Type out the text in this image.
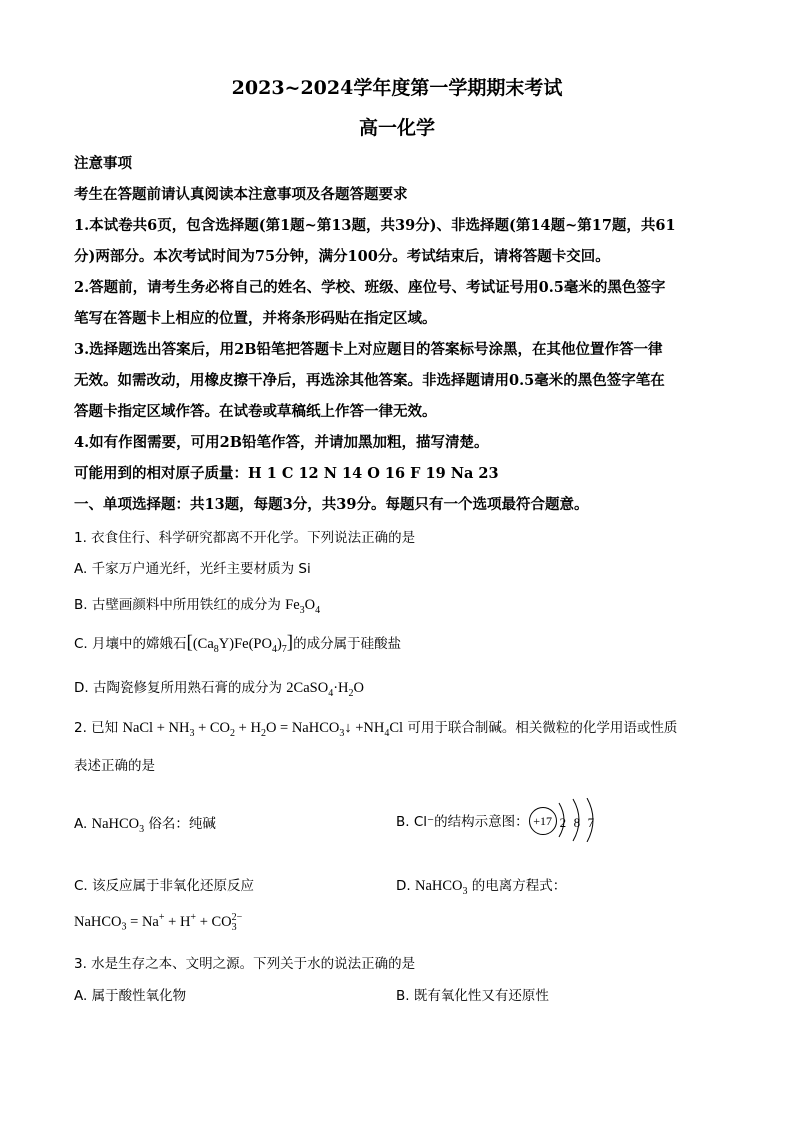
2023~2024学年度第一学期期末考试
高一化学
注意事项
考生在答题前请认真阅读本注意事项及各题答题要求
1.本试卷共6页，包含选择题(第1题~第13题，共39分)、非选择题(第14题~第17题，共61
分)两部分。本次考试时间为75分钟，满分100分。考试结束后，请将答题卡交回。
2.答题前，请考生务必将自己的姓名、学校、班级、座位号、考试证号用0.5毫米的黑色签字
笔写在答题卡上相应的位置，并将条形码贴在指定区域。
3.选择题选出答案后，用2B铅笔把答题卡上对应题目的答案标号涂黑，在其他位置作答一律
无效。如需改动，用橡皮擦干净后，再选涂其他答案。非选择题请用0.5毫米的黑色签字笔在
答题卡指定区域作答。在试卷或草稿纸上作答一律无效。
4.如有作图需要，可用2B铅笔作答，并请加黑加粗，描写清楚。
可能用到的相对原子质量：H 1 C 12 N 14 O 16 F 19 Na 23
一、单项选择题：共13题，每题3分，共39分。每题只有一个选项最符合题意。
1. 衣食住行、科学研究都离不开化学。下列说法正确的是
A. 千家万户通光纤，光纤主要材质为 Si
B. 古壁画颜料中所用铁红的成分为 $Fe_3O_4$
C. 月壤中的嫦娥石$[(Ca_8Y)Fe(PO_4)_7]$的成分属于硅酸盐
D. 古陶瓷修复所用熟石膏的成分为 $2CaSO_4\cdot H_2O$
2. 已知 NaCl + $NH_3 + CO_2 + H_2O$ = NaHCO$_3$↓ $+NH_4Cl$ 可用于联合制碱。相关微粒的化学用语或性质
表述正确的是
A. NaHCO$_3$ 俗名：纯碱	B. Cl⁻的结构示意图： +17 2 8 7
C. 该反应属于非氧化还原反应	D. NaHCO$_3$ 的电离方程式：
NaHCO$_3$ = $Na^+ + H^+ + CO_3^{2-}$
3. 水是生存之本、文明之源。下列关于水的说法正确的是
A. 属于酸性氧化物	B. 既有氧化性又有还原性
